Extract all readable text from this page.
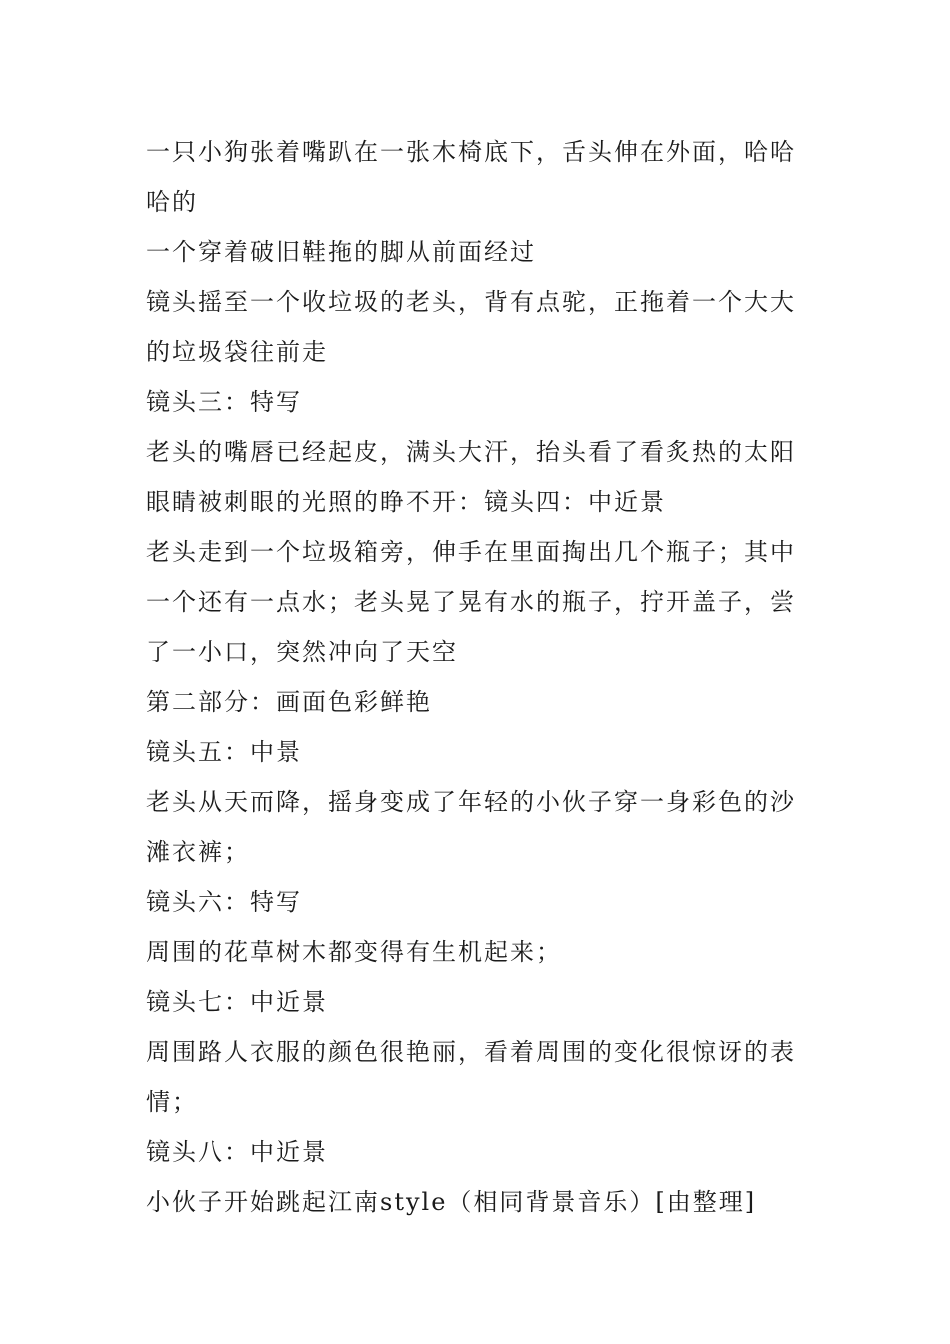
一只小狗张着嘴趴在一张木椅底下，舌头伸在外面，哈哈
哈的
一个穿着破旧鞋拖的脚从前面经过
镜头摇至一个收垃圾的老头，背有点驼，正拖着一个大大
的垃圾袋往前走
镜头三：特写
老头的嘴唇已经起皮，满头大汗，抬头看了看炙热的太阳
眼睛被刺眼的光照的睁不开：镜头四：中近景
老头走到一个垃圾箱旁，伸手在里面掏出几个瓶子；其中
一个还有一点水；老头晃了晃有水的瓶子，拧开盖子，尝
了一小口，突然冲向了天空
第二部分：画面色彩鲜艳
镜头五：中景
老头从天而降，摇身变成了年轻的小伙子穿一身彩色的沙
滩衣裤；
镜头六：特写
周围的花草树木都变得有生机起来；
镜头七：中近景
周围路人衣服的颜色很艳丽，看着周围的变化很惊讶的表
情；
镜头八：中近景
小伙子开始跳起江南style（相同背景音乐）[由整理]
